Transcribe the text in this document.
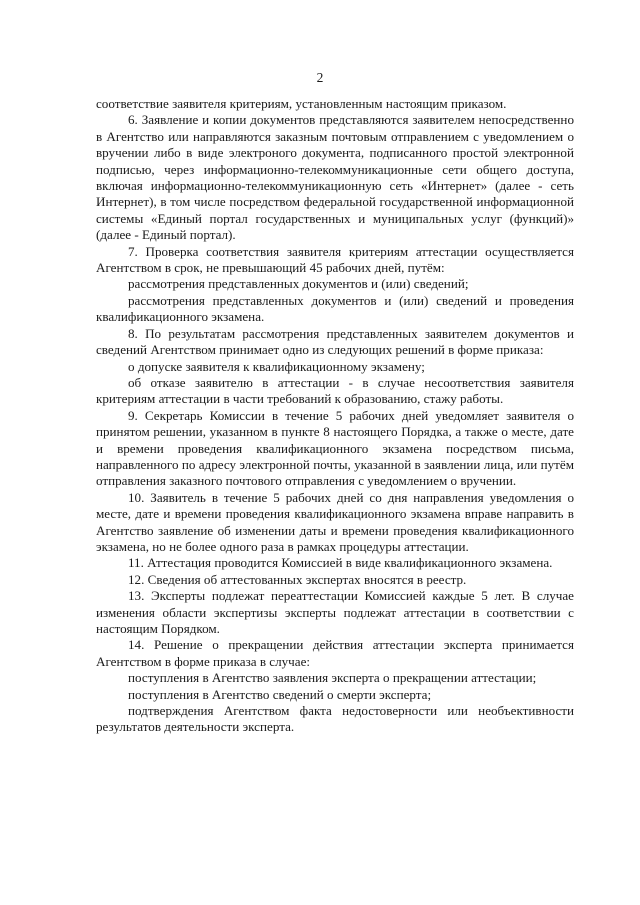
2

соответствие заявителя критериям, установленным настоящим приказом.

6. Заявление и копии документов представляются заявителем непосредственно в Агентство или направляются заказным почтовым отправлением с уведомлением о вручении либо в виде электроного документа, подписанного простой электронной подписью, через информационно-телекоммуникационные сети общего доступа, включая информационно-телекоммуникационную сеть «Интернет» (далее - сеть Интернет), в том числе посредством федеральной государственной информационной системы «Единый портал государственных и муниципальных услуг (функций)» (далее - Единый портал).

7. Проверка соответствия заявителя критериям аттестации осуществляется Агентством в срок, не превышающий 45 рабочих дней, путём:

рассмотрения представленных документов и (или) сведений;

рассмотрения представленных документов и (или) сведений и проведения квалификационного экзамена.

8. По результатам рассмотрения представленных заявителем документов и сведений Агентством принимает одно из следующих решений в форме приказа:

о допуске заявителя к квалификационному экзамену;

об отказе заявителю в аттестации - в случае несоответствия заявителя критериям аттестации в части требований к образованию, стажу работы.

9. Секретарь Комиссии в течение 5 рабочих дней уведомляет заявителя о принятом решении, указанном в пункте 8 настоящего Порядка, а также о месте, дате и времени проведения квалификационного экзамена посредством письма, направленного по адресу электронной почты, указанной в заявлении лица, или путём отправления заказного почтового отправления с уведомлением о вручении.

10. Заявитель в течение 5 рабочих дней со дня направления уведомления о месте, дате и времени проведения квалификационного экзамена вправе направить в Агентство заявление об изменении даты и времени проведения квалификационного экзамена, но не более одного раза в рамках процедуры аттестации.

11. Аттестация проводится Комиссией в виде квалификационного экзамена.

12. Сведения об аттестованных экспертах вносятся в реестр.

13. Эксперты подлежат переаттестации Комиссией каждые 5 лет. В случае изменения области экспертизы эксперты подлежат аттестации в соответствии с настоящим Порядком.

14. Решение о прекращении действия аттестации эксперта принимается Агентством в форме приказа в случае:

поступления в Агентство заявления эксперта о прекращении аттестации;

поступления в Агентство сведений о смерти эксперта;

подтверждения Агентством факта недостоверности или необъективности результатов деятельности эксперта.
